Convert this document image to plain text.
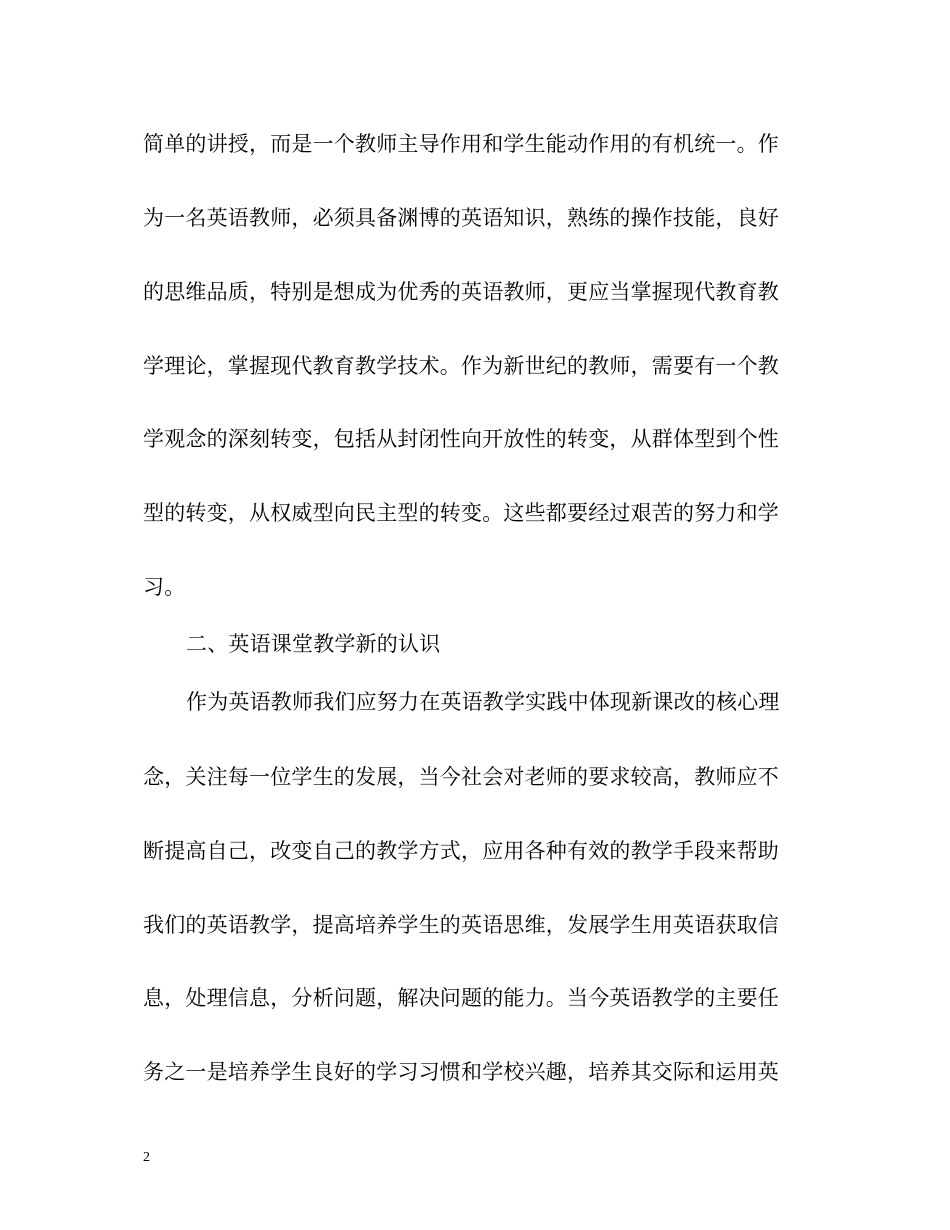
简单的讲授，而是一个教师主导作用和学生能动作用的有机统一。作
为一名英语教师，必须具备渊博的英语知识，熟练的操作技能，良好
的思维品质，特别是想成为优秀的英语教师，更应当掌握现代教育教
学理论，掌握现代教育教学技术。作为新世纪的教师，需要有一个教
学观念的深刻转变，包括从封闭性向开放性的转变，从群体型到个性
型的转变，从权威型向民主型的转变。这些都要经过艰苦的努力和学
习。
二、英语课堂教学新的认识
作为英语教师我们应努力在英语教学实践中体现新课改的核心理
念，关注每一位学生的发展，当今社会对老师的要求较高，教师应不
断提高自己，改变自己的教学方式，应用各种有效的教学手段来帮助
我们的英语教学，提高培养学生的英语思维，发展学生用英语获取信
息，处理信息，分析问题，解决问题的能力。当今英语教学的主要任
务之一是培养学生良好的学习习惯和学校兴趣，培养其交际和运用英
2
